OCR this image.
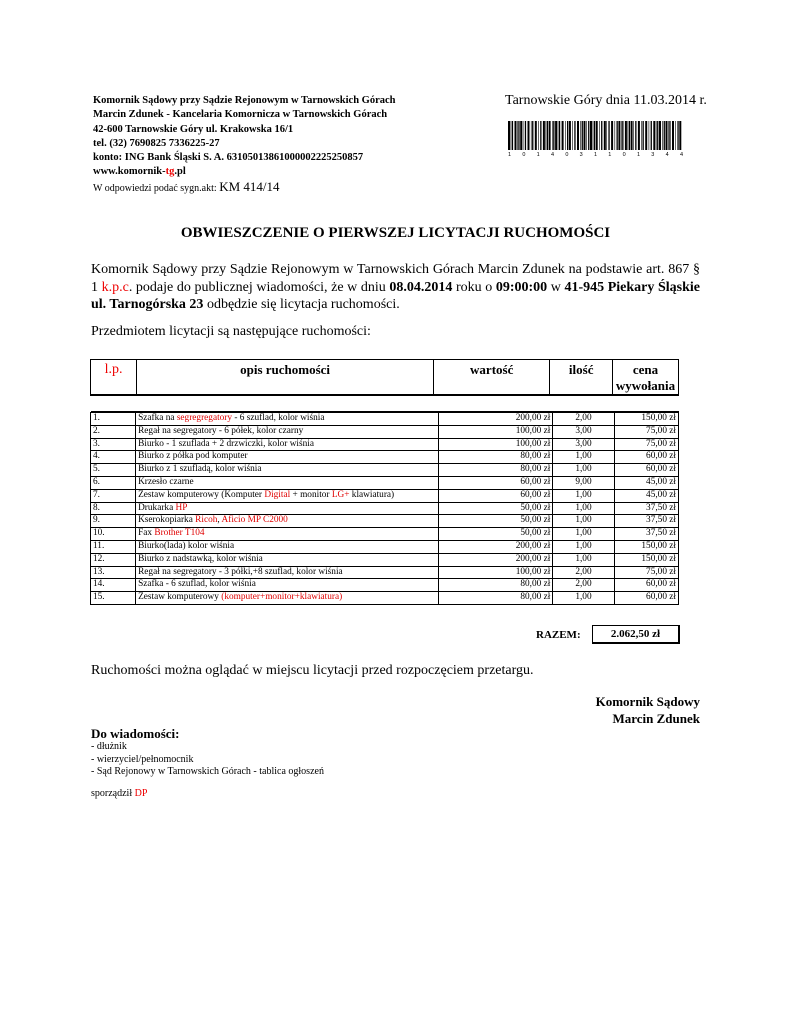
Komornik Sądowy przy Sądzie Rejonowym w Tarnowskich Górach
Marcin Zdunek - Kancelaria Komornicza w Tarnowskich Górach
42-600 Tarnowskie Góry ul. Krakowska 16/1
tel. (32) 7690825 7336225-27
konto: ING Bank Śląski S. A. 63105013861000002225250857
www.komornik-tg.pl
W odpowiedzi podać sygn.akt: KM 414/14
Tarnowskie Góry dnia 11.03.2014 r.
1 0 1 4 0 3 1 1 0 1 3 4 4
OBWIESZCZENIE O PIERWSZEJ LICYTACJI RUCHOMOŚCI
Komornik Sądowy przy Sądzie Rejonowym w Tarnowskich Górach Marcin Zdunek na podstawie art. 867 § 1 k.p.c. podaje do publicznej wiadomości, że w dniu 08.04.2014 roku o 09:00:00 w 41-945 Piekary Śląskie ul. Tarnogórska 23 odbędzie się licytacja ruchomości.
Przedmiotem licytacji są następujące ruchomości:
l.p.	opis ruchomości	wartość	ilość	cena wywołania

1.	Szafka na segregregatory - 6 szuflad, kolor wiśnia	200,00 zł	2,00	150,00 zł
2.	Regał na segregatory - 6 półek, kolor czarny	100,00 zł	3,00	75,00 zł
3.	Biurko - 1 szuflada + 2 drzwiczki, kolor wiśnia	100,00 zł	3,00	75,00 zł
4.	Biurko z półka pod komputer	80,00 zł	1,00	60,00 zł
5.	Biurko z 1 szufladą, kolor wiśnia	80,00 zł	1,00	60,00 zł
6.	Krzesło czarne	60,00 zł	9,00	45,00 zł
7.	Zestaw komputerowy (Komputer Digital + monitor LG+ klawiatura)	60,00 zł	1,00	45,00 zł
8.	Drukarka HP	50,00 zł	1,00	37,50 zł
9.	Kserokopiarka Ricoh, Aficio MP C2000	50,00 zł	1,00	37,50 zł
10.	Fax Brother T104	50,00 zł	1,00	37,50 zł
11.	Biurko(lada) kolor wiśnia	200,00 zł	1,00	150,00 zł
12.	Biurko z nadstawką, kolor wiśnia	200,00 zł	1,00	150,00 zł
13.	Regał na segregatory - 3 półki,+8 szuflad, kolor wiśnia	100,00 zł	2,00	75,00 zł
14.	Szafka - 6 szuflad, kolor wiśnia	80,00 zł	2,00	60,00 zł
15.	Zestaw komputerowy (komputer+monitor+klawiatura)	80,00 zł	1,00	60,00 zł
RAZEM:	2.062,50 zł
Ruchomości można oglądać w miejscu licytacji przed rozpoczęciem przetargu.
Komornik Sądowy
Marcin Zdunek
Do wiadomości:
- dłużnik
- wierzyciel/pełnomocnik
- Sąd Rejonowy w Tarnowskich Górach - tablica ogłoszeń
sporządził DP
